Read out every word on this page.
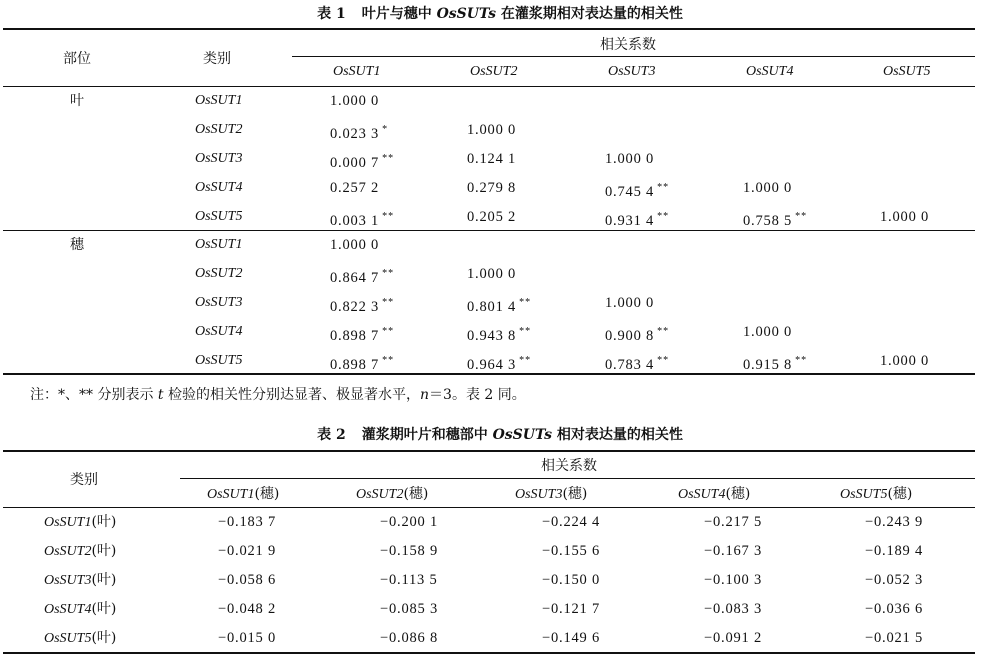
表 1 叶片与穗中 OsSUTs 在灌浆期相对表达量的相关性
部位	类别
相关系数
OsSUT1	OsSUT2	OsSUT3	OsSUT4	OsSUT5
叶	OsSUT1	1.000 0
OsSUT2	0.023 3 *	1.000 0
OsSUT3	0.000 7 **	0.124 1	1.000 0
OsSUT4	0.257 2	0.279 8	0.745 4 **	1.000 0
OsSUT5	0.003 1 **	0.205 2	0.931 4 **	0.758 5 **	1.000 0
穗	OsSUT1	1.000 0
OsSUT2	0.864 7 **	1.000 0
OsSUT3	0.822 3 **	0.801 4 **	1.000 0
OsSUT4	0.898 7 **	0.943 8 **	0.900 8 **	1.000 0
OsSUT5	0.898 7 **	0.964 3 **	0.783 4 **	0.915 8 **	1.000 0
注：*、** 分别表示 t 检验的相关性分别达显著、极显著水平，n＝3。表 2 同。
表 2 灌浆期叶片和穗部中 OsSUTs 相对表达量的相关性
类别
相关系数
OsSUT1(穗)	OsSUT2(穗)	OsSUT3(穗)	OsSUT4(穗)	OsSUT5(穗)
OsSUT1(叶)	−0.183 7	−0.200 1	−0.224 4	−0.217 5	−0.243 9
OsSUT2(叶)	−0.021 9	−0.158 9	−0.155 6	−0.167 3	−0.189 4
OsSUT3(叶)	−0.058 6	−0.113 5	−0.150 0	−0.100 3	−0.052 3
OsSUT4(叶)	−0.048 2	−0.085 3	−0.121 7	−0.083 3	−0.036 6
OsSUT5(叶)	−0.015 0	−0.086 8	−0.149 6	−0.091 2	−0.021 5
